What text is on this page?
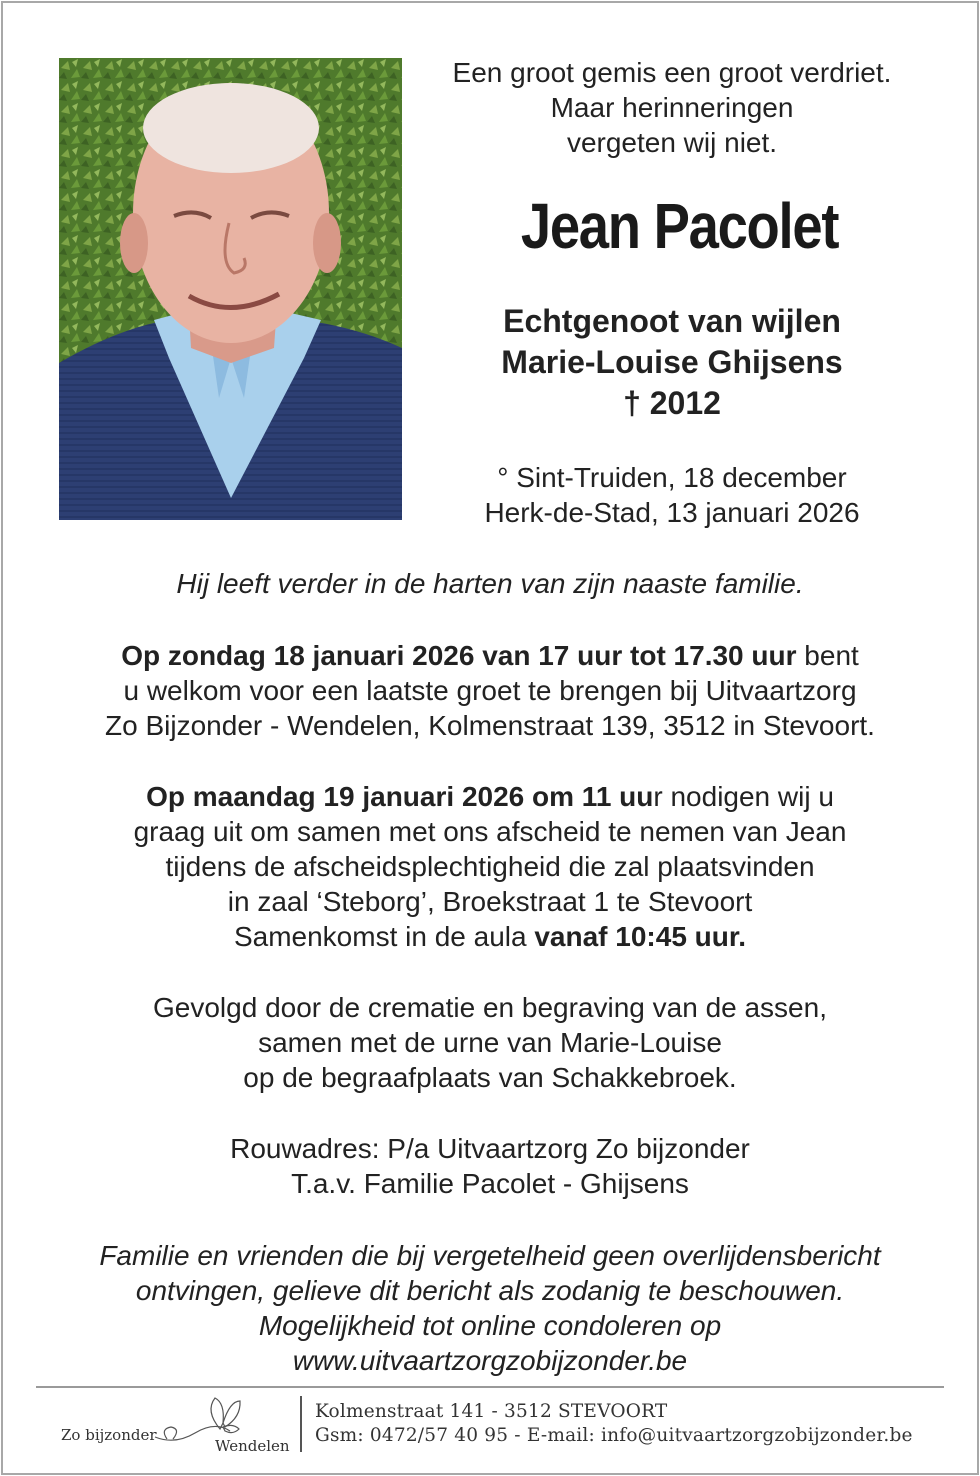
Een groot gemis een groot verdriet.
Maar herinneringen
vergeten wij niet.
Jean Pacolet
Echtgenoot van wijlen
Marie-Louise Ghijsens
† 2012
° Sint-Truiden, 18 december
Herk-de-Stad, 13 januari 2026
Hij leeft verder in de harten van zijn naaste familie.
Op zondag 18 januari 2026 van 17 uur tot 17.30 uur bent
u welkom voor een laatste groet te brengen bij Uitvaartzorg
Zo Bijzonder - Wendelen, Kolmenstraat 139, 3512 in Stevoort.
Op maandag 19 januari 2026 om 11 uur nodigen wij u
graag uit om samen met ons afscheid te nemen van Jean
tijdens de afscheidsplechtigheid die zal plaatsvinden
in zaal ‘Steborg’, Broekstraat 1 te Stevoort
Samenkomst in de aula vanaf 10:45 uur.
Gevolgd door de crematie en begraving van de assen,
samen met de urne van Marie-Louise
op de begraafplaats van Schakkebroek.
Rouwadres: P/a Uitvaartzorg Zo bijzonder
T.a.v. Familie Pacolet - Ghijsens
Familie en vrienden die bij vergetelheid geen overlijdensbericht
ontvingen, gelieve dit bericht als zodanig te beschouwen.
Mogelijkheid tot online condoleren op
www.uitvaartzorgzobijzonder.be
Zo bijzonder
Wendelen
Kolmenstraat 141 - 3512 STEVOORT
Gsm: 0472/57 40 95 - E-mail: info@uitvaartzorgzobijzonder.be
